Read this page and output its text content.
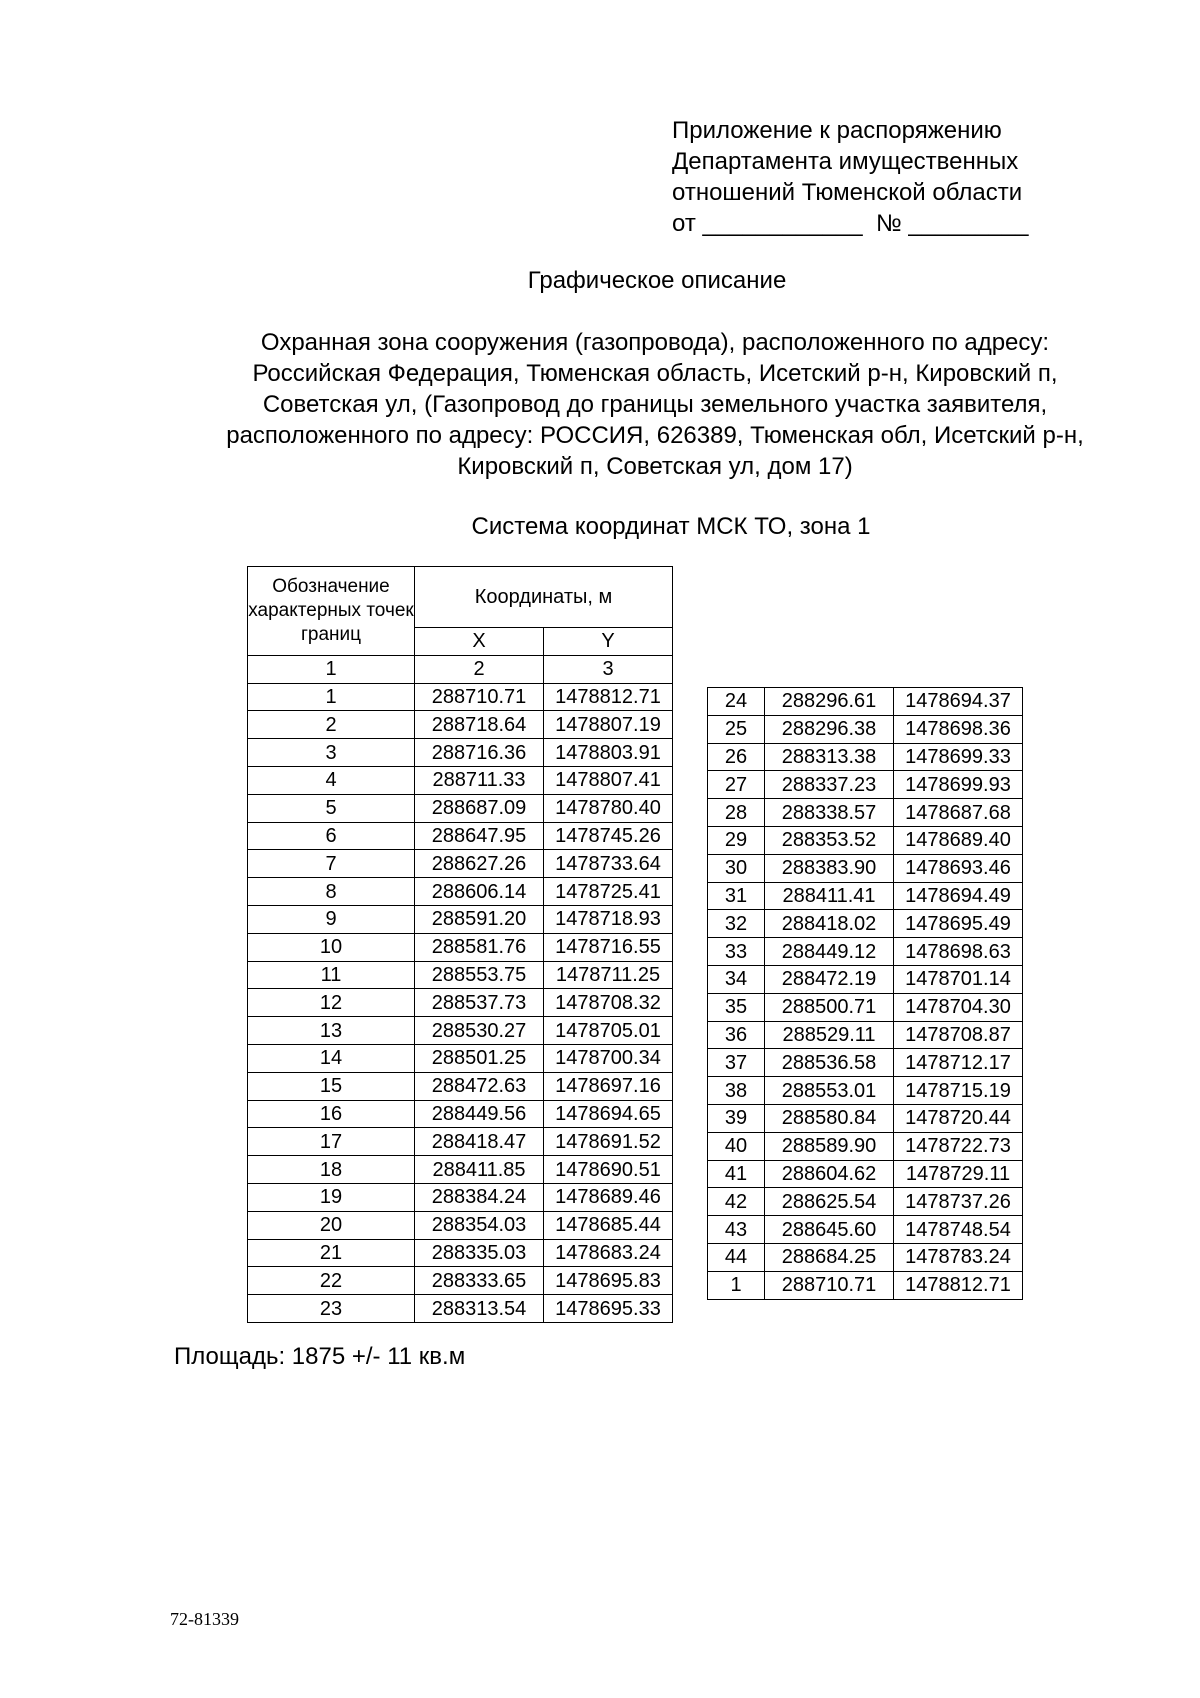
Приложение к распоряжению
Департамента имущественных
отношений Тюменской области
от ____________  № _________
Графическое описание
Охранная зона сооружения (газопровода), расположенного по адресу:
Российская Федерация, Тюменская область, Исетский р-н, Кировский п,
Советская ул, (Газопровод до границы земельного участка заявителя,
расположенного по адресу: РОССИЯ, 626389, Тюменская обл, Исетский р-н,
Кировский п, Советская ул, дом 17)
Система координат МСК ТО, зона 1
Обозначение характерных точек границ	Координаты, м	
	X	Y
1	2	3
1	288710.71	1478812.71
2	288718.64	1478807.19
3	288716.36	1478803.91
4	288711.33	1478807.41
5	288687.09	1478780.40
6	288647.95	1478745.26
7	288627.26	1478733.64
8	288606.14	1478725.41
9	288591.20	1478718.93
10	288581.76	1478716.55
11	288553.75	1478711.25
12	288537.73	1478708.32
13	288530.27	1478705.01
14	288501.25	1478700.34
15	288472.63	1478697.16
16	288449.56	1478694.65
17	288418.47	1478691.52
18	288411.85	1478690.51
19	288384.24	1478689.46
20	288354.03	1478685.44
21	288335.03	1478683.24
22	288333.65	1478695.83
23	288313.54	1478695.33
24	288296.61	1478694.37
25	288296.38	1478698.36
26	288313.38	1478699.33
27	288337.23	1478699.93
28	288338.57	1478687.68
29	288353.52	1478689.40
30	288383.90	1478693.46
31	288411.41	1478694.49
32	288418.02	1478695.49
33	288449.12	1478698.63
34	288472.19	1478701.14
35	288500.71	1478704.30
36	288529.11	1478708.87
37	288536.58	1478712.17
38	288553.01	1478715.19
39	288580.84	1478720.44
40	288589.90	1478722.73
41	288604.62	1478729.11
42	288625.54	1478737.26
43	288645.60	1478748.54
44	288684.25	1478783.24
1	288710.71	1478812.71
Площадь: 1875 +/- 11 кв.м
72-81339
